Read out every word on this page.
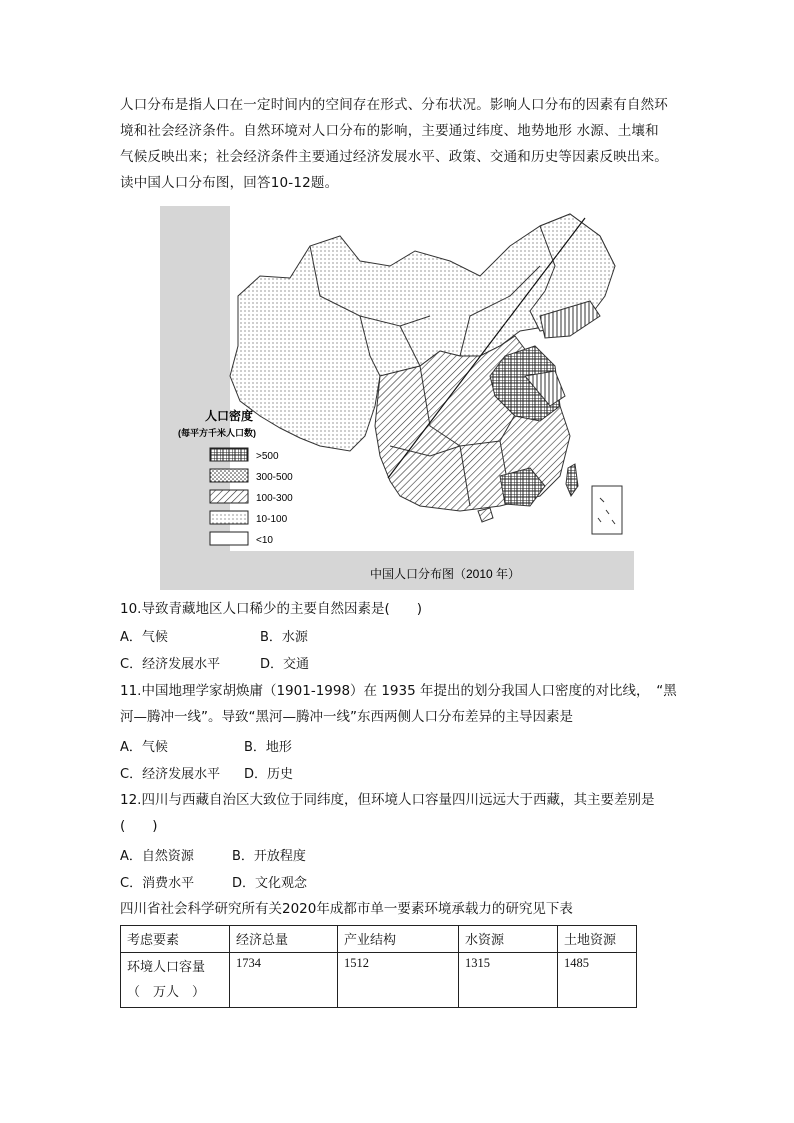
人口分布是指人口在一定时间内的空间存在形式、分布状况。影响人口分布的因素有自然环
境和社会经济条件。自然环境对人口分布的影响，主要通过纬度、地势地形 水源、土壤和
气候反映出来；社会经济条件主要通过经济发展水平、政策、交通和历史等因素反映出来。
读中国人口分布图，回答10-12题。
人口密度
(每平方千米人口数)
>500
300-500
100-300
10-100
<10
中国人口分布图（2010 年）
10.导致青藏地区人口稀少的主要自然因素是(　　)
A．气候	B．水源
C．经济发展水平	D．交通
11.中国地理学家胡焕庸（1901-1998）在 1935 年提出的划分我国人口密度的对比线，　“黑
河—腾冲一线”。导致“黑河—腾冲一线”东西两侧人口分布差异的主导因素是
A．气候	B．地形
C．经济发展水平 D．历史
12.四川与西藏自治区大致位于同纬度，但环境人口容量四川远远大于西藏，其主要差别是
(　　)
A．自然资源	B．开放程度
C．消费水平	D．文化观念
四川省社会科学研究所有关2020年成都市单一要素环境承载力的研究见下表
考虑要素	经济总量	产业结构	水资源	土地资源

环境人口容量
（　万人　）	1734	1512	1315	1485
